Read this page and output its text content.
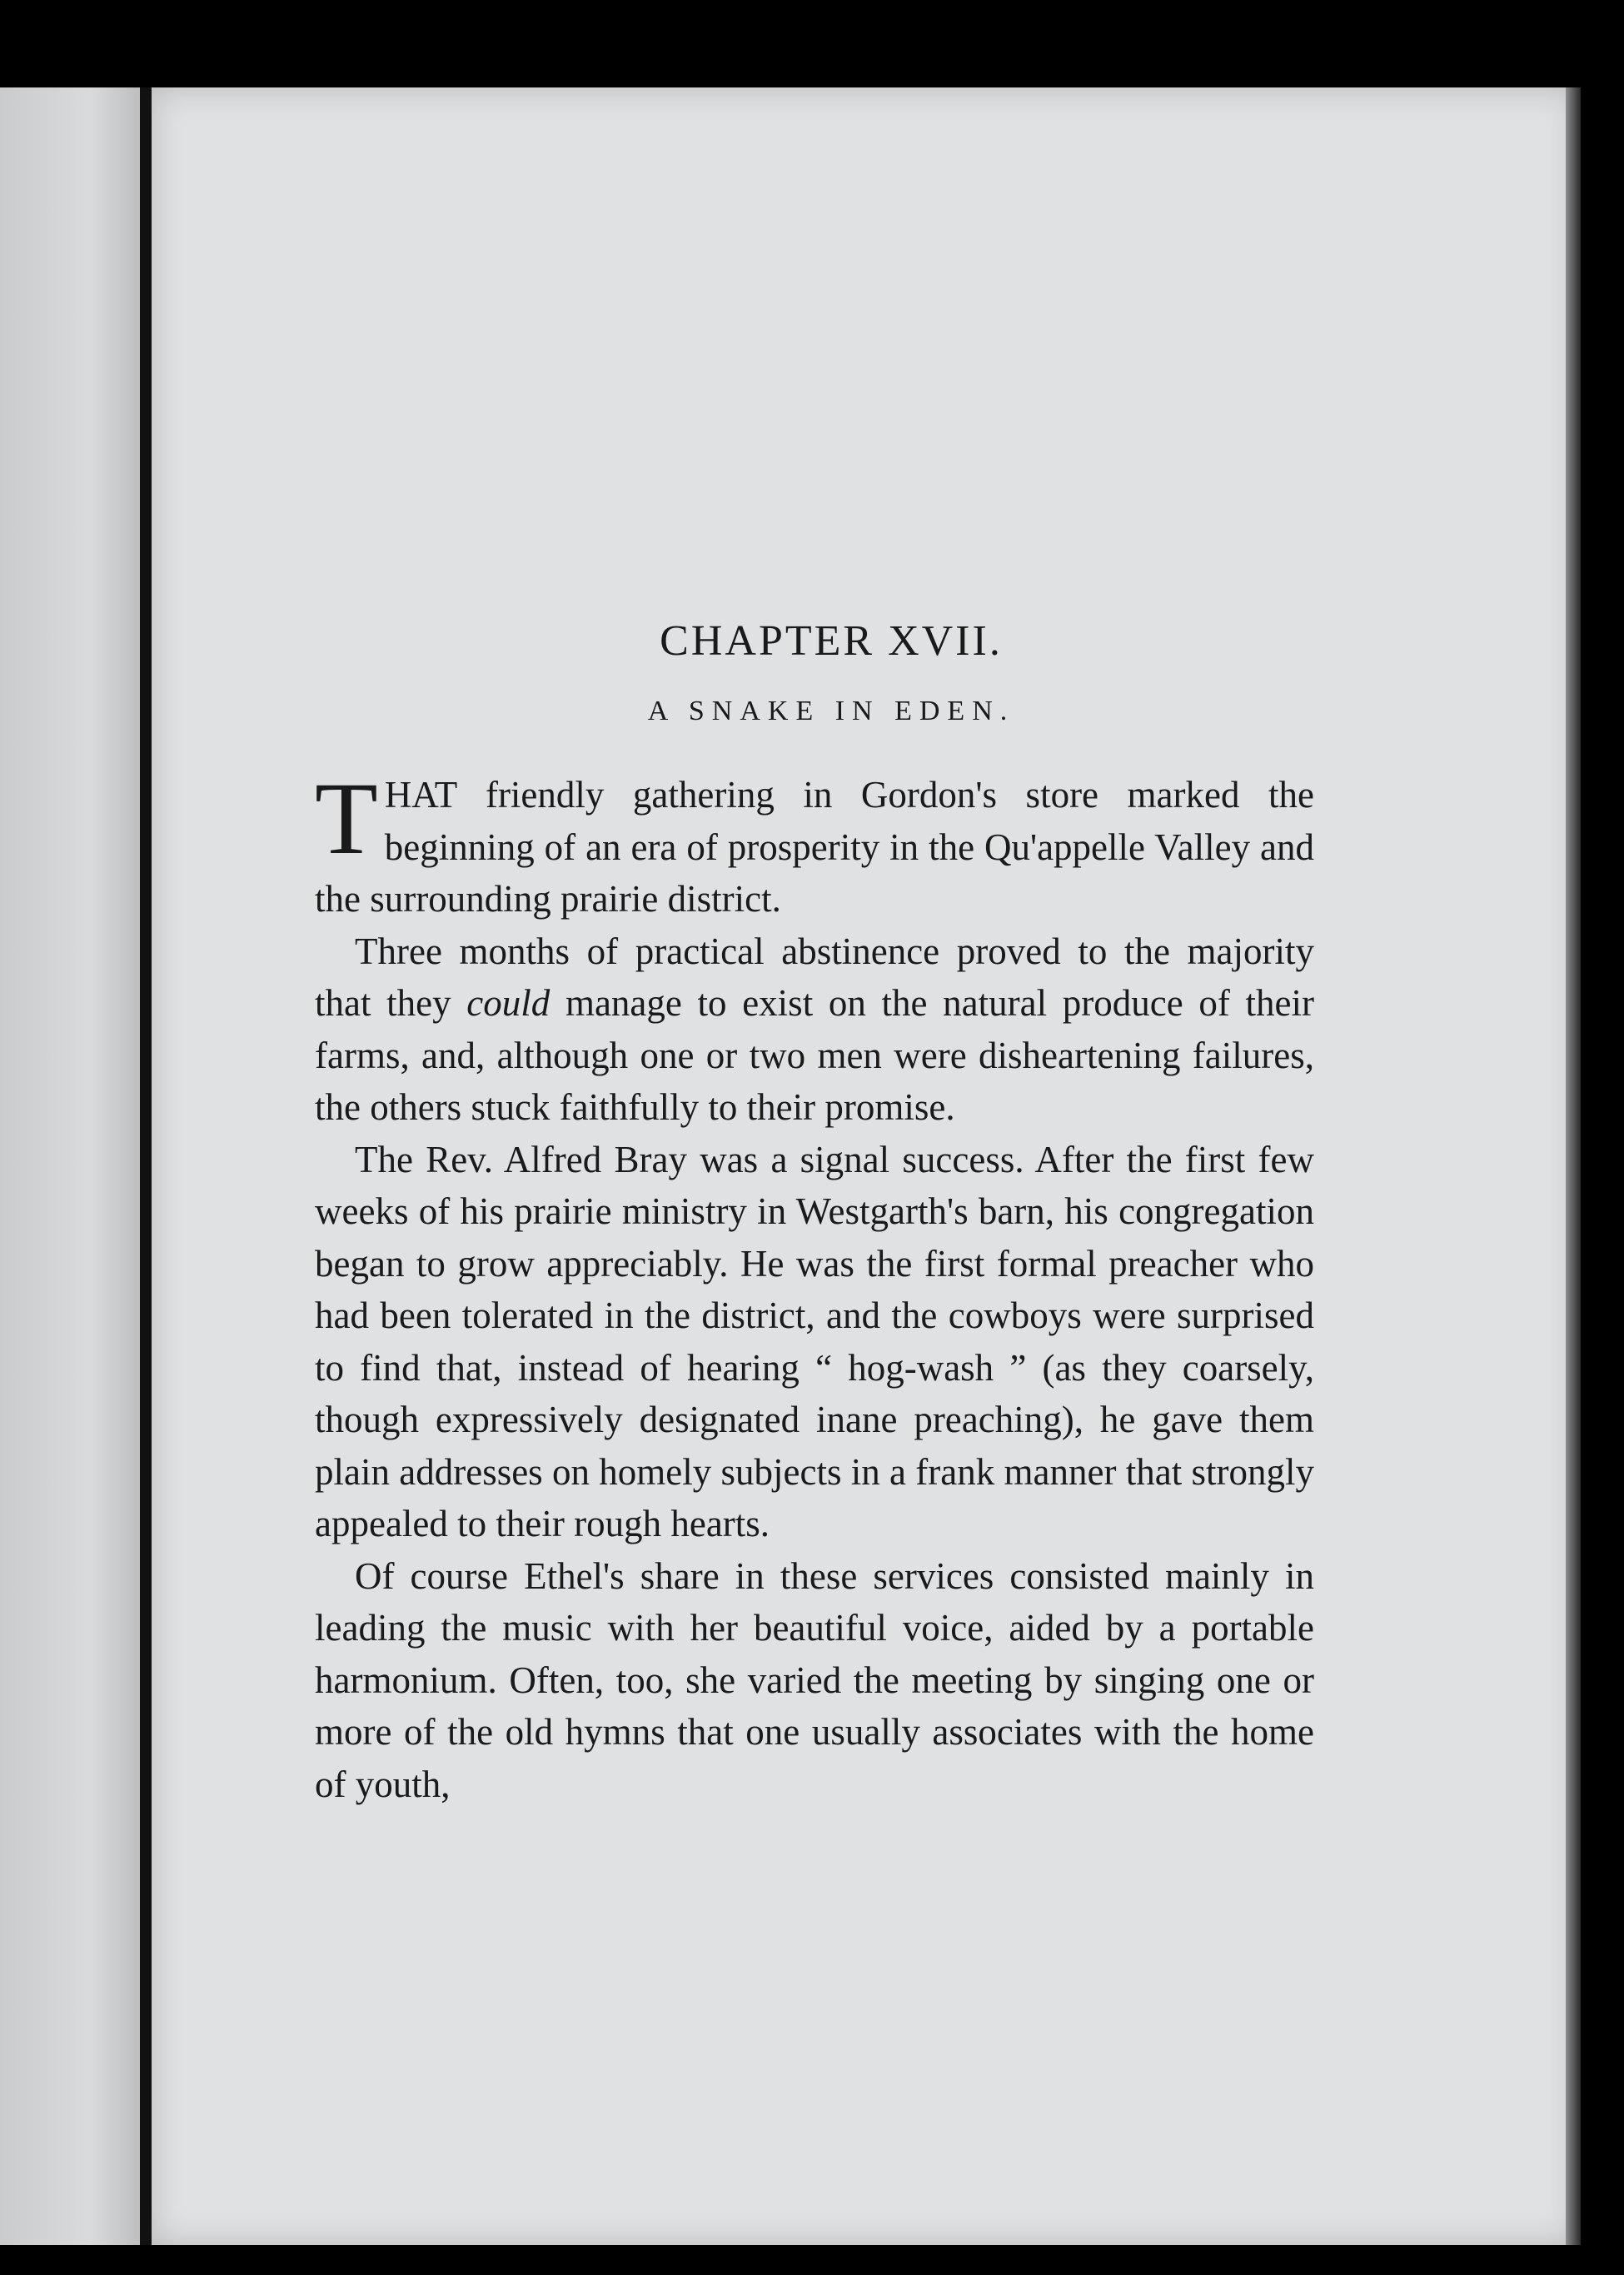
CHAPTER XVII.
A SNAKE IN EDEN.

THAT friendly gathering in Gordon's store marked the beginning of an era of prosperity in the Qu'appelle Valley and the surrounding prairie district.

Three months of practical abstinence proved to the majority that they could manage to exist on the natural produce of their farms, and, although one or two men were disheartening failures, the others stuck faithfully to their promise.

The Rev. Alfred Bray was a signal success. After the first few weeks of his prairie ministry in Westgarth's barn, his congregation began to grow appreciably. He was the first formal preacher who had been tolerated in the district, and the cowboys were surprised to find that, instead of hearing “ hog-wash ” (as they coarsely, though expressively designated inane preaching), he gave them plain addresses on homely subjects in a frank manner that strongly appealed to their rough hearts.

Of course Ethel's share in these services consisted mainly in leading the music with her beautiful voice, aided by a portable harmonium. Often, too, she varied the meeting by singing one or more of the old hymns that one usually associates with the home of youth,
